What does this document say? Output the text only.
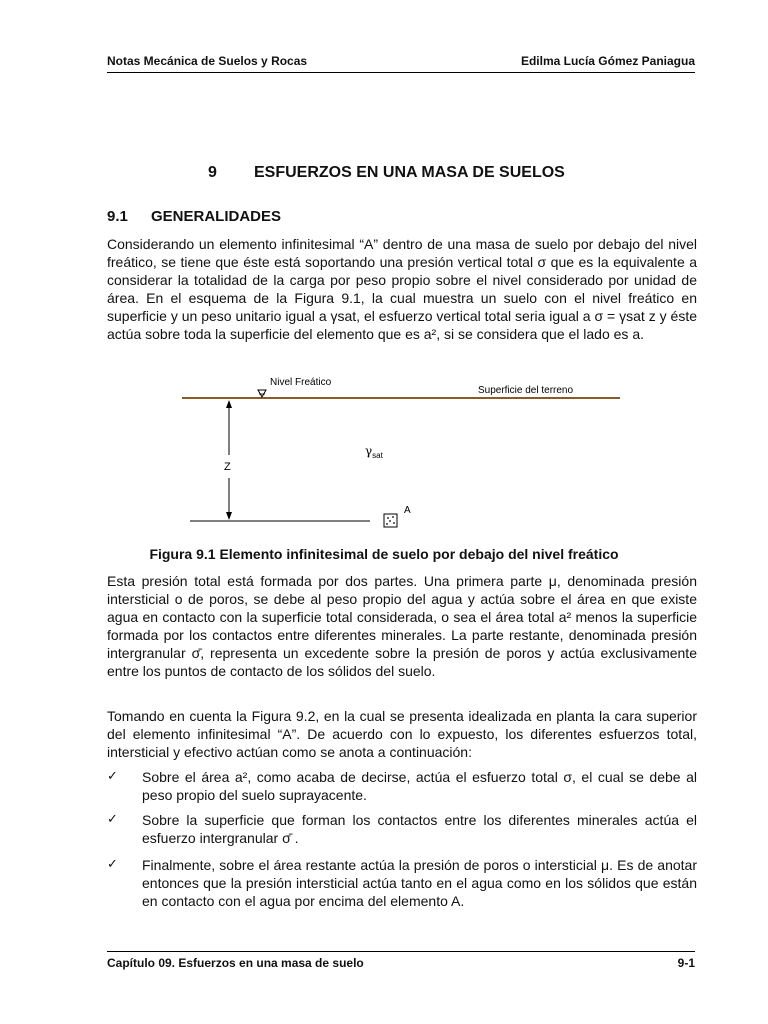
Notas Mecánica de Suelos y Rocas	Edilma Lucía Gómez Paniagua
9 ESFUERZOS EN UNA MASA DE SUELOS
9.1 GENERALIDADES
Considerando un elemento infinitesimal “A” dentro de una masa de suelo por debajo del nivel freático, se tiene que éste está soportando una presión vertical total σ que es la equivalente a considerar la totalidad de la carga por peso propio sobre el nivel considerado por unidad de área. En el esquema de la Figura 9.1, la cual muestra un suelo con el nivel freático en superficie y un peso unitario igual a γsat, el esfuerzo vertical total seria igual a σ = γsat z y éste actúa sobre toda la superficie del elemento que es a², si se considera que el lado es a.
Nivel Freático
Superficie del terreno
Z
$\gamma_{sat}$
A
Figura 9.1 Elemento infinitesimal de suelo por debajo del nivel freático
Esta presión total está formada por dos partes. Una primera parte μ, denominada presión intersticial o de poros, se debe al peso propio del agua y actúa sobre el área en que existe agua en contacto con la superficie total considerada, o sea el área total a² menos la superficie formada por los contactos entre diferentes minerales. La parte restante, denominada presión intergranular σ̄, representa un excedente sobre la presión de poros y actúa exclusivamente entre los puntos de contacto de los sólidos del suelo.
Tomando en cuenta la Figura 9.2, en la cual se presenta idealizada en planta la cara superior del elemento infinitesimal “A”. De acuerdo con lo expuesto, los diferentes esfuerzos total, intersticial y efectivo actúan como se anota a continuación:
✓ Sobre el área a², como acaba de decirse, actúa el esfuerzo total σ, el cual se debe al peso propio del suelo suprayacente.
✓ Sobre la superficie que forman los contactos entre los diferentes minerales actúa el esfuerzo intergranular σ̄ .
✓ Finalmente, sobre el área restante actúa la presión de poros o intersticial μ. Es de anotar entonces que la presión intersticial actúa tanto en el agua como en los sólidos que están en contacto con el agua por encima del elemento A.
Capítulo 09. Esfuerzos en una masa de suelo	9-1
